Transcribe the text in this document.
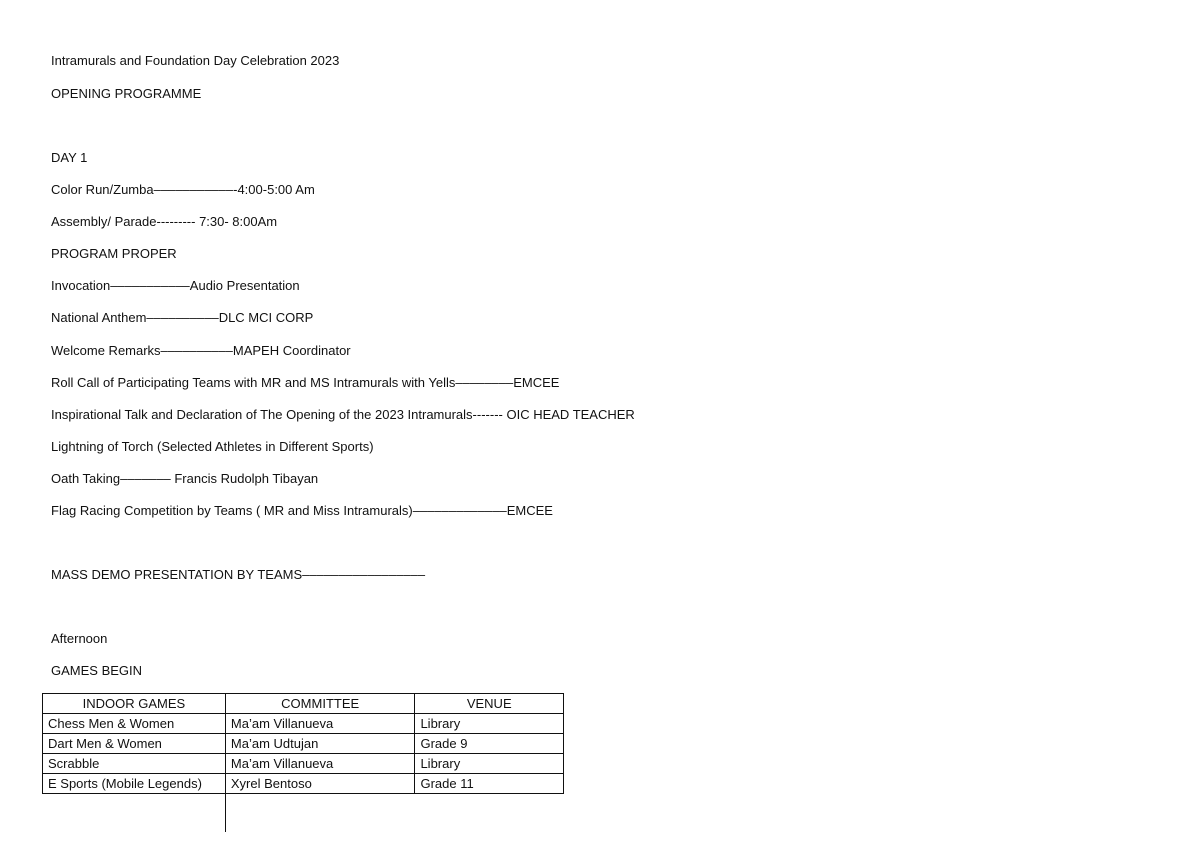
Intramurals and Foundation Day Celebration 2023
OPENING PROGRAMME
DAY 1
Color Run/Zumba–––––––––––-4:00-5:00 Am
Assembly/ Parade--------- 7:30- 8:00Am
PROGRAM PROPER
Invocation–––––––––––Audio Presentation
National Anthem––––––––––DLC MCI CORP
Welcome Remarks––––––––––MAPEH Coordinator
Roll Call of Participating Teams with MR and MS Intramurals with Yells––––––––EMCEE
Inspirational Talk and Declaration of The Opening of the 2023 Intramurals------- OIC HEAD TEACHER
Lightning of Torch (Selected Athletes in Different Sports)
Oath Taking––––––– Francis Rudolph Tibayan
Flag Racing Competition by Teams ( MR and Miss Intramurals)–––––––––––––EMCEE
MASS DEMO PRESENTATION BY TEAMS–––––––––––––––––
Afternoon
GAMES BEGIN
INDOOR GAMES	COMMITTEE	VENUE
Chess Men & Women	Ma’am Villanueva	Library
Dart Men & Women	Ma’am Udtujan	Grade 9
Scrabble	Ma’am Villanueva	Library
E Sports (Mobile Legends)	Xyrel Bentoso	Grade 11
